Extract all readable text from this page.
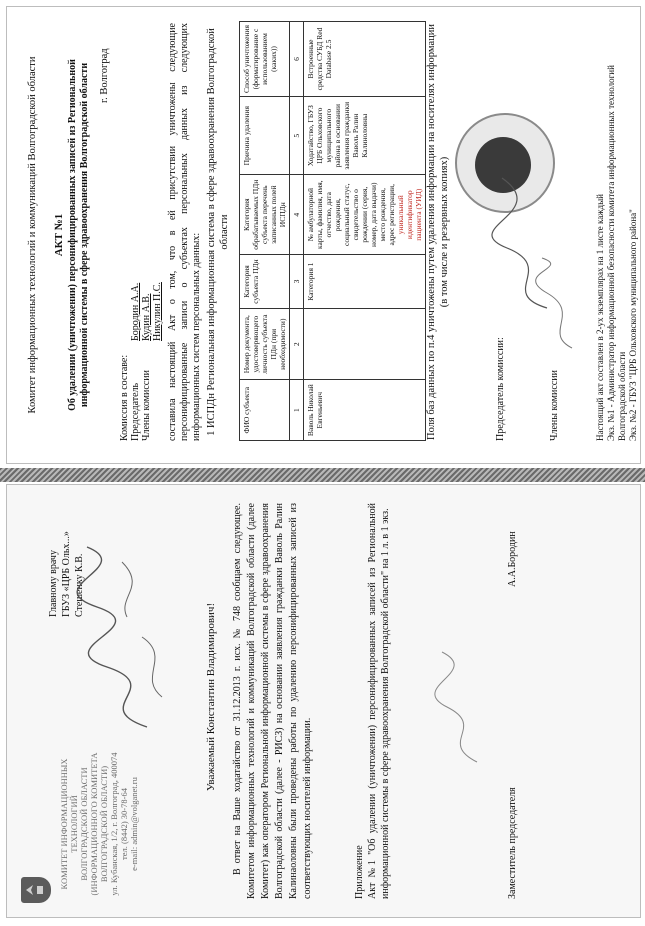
КОМИТЕТ ИНФОРМАЦИОННЫХ ТЕХНОЛОГИЙ ВОЛГОГРАДСКОЙ ОБЛАСТИ (ИНФОРМАЦИОННОГО КОМИТЕТА ВОЛГОГРАДСКОЙ ОБЛАСТИ) ул. Кубанская, 1/2, г. Волгоград, 400074 тел. (8442) 30-78-64 e-mail: admin@volganet.ru
Главному врачу ГБУЗ «ЦРБ Ольх...» Стешенку К.В.
Уважаемый Константин Владимирович! В ответ на Ваше ходатайство от 31.12.2013 г. исх. № 748 сообщаем следующее. Комитетом информационных технологий и коммуникаций Волгоградской области (далее Комитет) как оператором Региональной информационной системы в сфере здравоохранения Волгоградской области (далее - РИСЗ) на основании заявления гражданки Ваволь Ралин Калинаоловны были проведены работы по удалению персонифицированных записей из соответствующих носителей информации.	Приложение Акт №1 "Об удалении (уничтожении) персонифицированных записей из Региональной информационной системы в сфере здравоохранения Волгоградской области" на 1 л. в 1 экз.	Заместитель председателя
А.А.Бородин
Комитет информационных технологий и коммуникаций Волгоградской области АКТ №1 Об удалении (уничтожении) персонифицированных записей из Региональной информационной системы в сфере здравоохранения Волгоградской области г. Волгоград
Комиссия в составе: Председатель Члены комиссии
Бородин А.А. Кудин А.В. Никулин П.С. составила настоящий Акт о том, что в ей присутствии уничтожены следующие персонифицированные записи о субъектах персональных данных из следующих информационных систем персональных данных: 1 ИСПДн Региональная информационная система в сфере здравоохранения Волгоградской области
ФИО субъекта	Номер документа, удостоверяющего личность субъекта ПДн (при необходимости)	Категория субъекта ПДн	Категория обрабатываемых ПДн субъекта перечень записанных полей ИСПДн	Причина удаления	Способ уничтожения (форматирование с использованием (каких))
1	2	3	4	5	6
Ваволь Николай Евгеньевич		Категория 1	№ амбулаторной карты, фамилия, имя, отчество, дата рождения, социальный статус, свидетельство о рождении (серия, номер, дата выдачи) место рождения, адрес регистрации, уникальный идентификатор пациента (УИД)	Ходатайство, ГБУЗ ЦРБ Ольховского муниципального района в основании заявления гражданки Ваволь Ралин Калиноловны	Встроенные средства СУБД Red Database 2.5	Поля баз данных по п.4 уничтожены путем удаления информации на носителях информации (в том числе и резервных копиях)
Председатель комиссии:	Члены комиссии	Настоящий акт составлен в 2-ух экземплярах на 1 листе каждый Экз. №1 - Администратор информационной безопасности комитета информационных технологий Волгоградской области Экз. №2 - ГБУЗ "ЦРБ Ольховского муниципального района"
